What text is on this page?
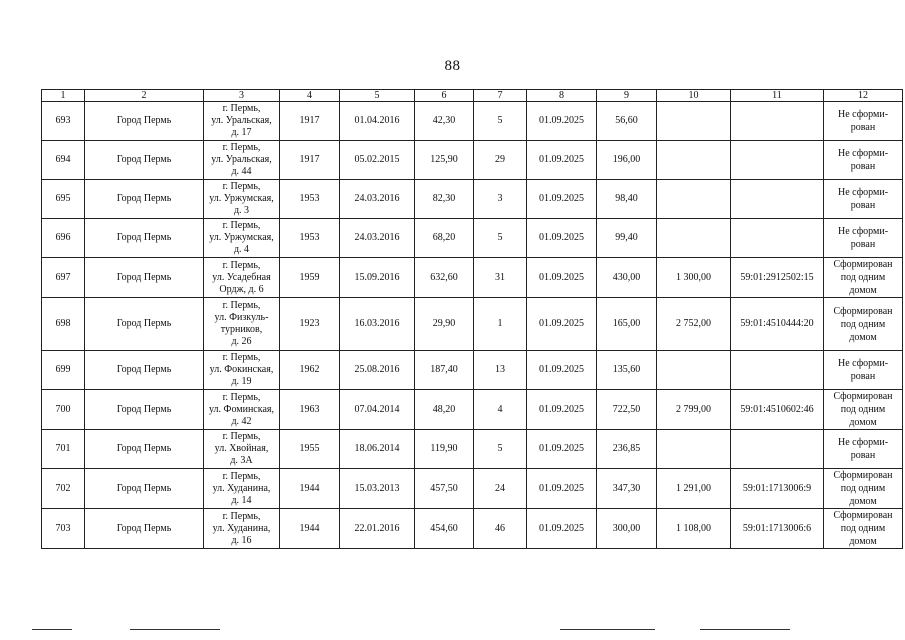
88
1	2	3	4	5	6	7	8	9	10	11	12
693	Город Пермь	г. Пермь,
ул. Уральская,
д. 17	1917	01.04.2016	42,30	5	01.09.2025	56,60			Не сформи-
рован
694	Город Пермь	г. Пермь,
ул. Уральская,
д. 44	1917	05.02.2015	125,90	29	01.09.2025	196,00			Не сформи-
рован
695	Город Пермь	г. Пермь,
ул. Уржумская,
д. 3	1953	24.03.2016	82,30	3	01.09.2025	98,40			Не сформи-
рован
696	Город Пермь	г. Пермь,
ул. Уржумская,
д. 4	1953	24.03.2016	68,20	5	01.09.2025	99,40			Не сформи-
рован
697	Город Пермь	г. Пермь,
ул. Усадебная
Ордж, д. 6	1959	15.09.2016	632,60	31	01.09.2025	430,00	1 300,00	59:01:2912502:15	Сформирован
под одним
домом
698	Город Пермь	г. Пермь,
ул. Физкуль-
турников,
д. 26	1923	16.03.2016	29,90	1	01.09.2025	165,00	2 752,00	59:01:4510444:20	Сформирован
под одним
домом
699	Город Пермь	г. Пермь,
ул. Фокинская,
д. 19	1962	25.08.2016	187,40	13	01.09.2025	135,60			Не сформи-
рован
700	Город Пермь	г. Пермь,
ул. Фоминская,
д. 42	1963	07.04.2014	48,20	4	01.09.2025	722,50	2 799,00	59:01:4510602:46	Сформирован
под одним
домом
701	Город Пермь	г. Пермь,
ул. Хвойная,
д. 3А	1955	18.06.2014	119,90	5	01.09.2025	236,85			Не сформи-
рован
702	Город Пермь	г. Пермь,
ул. Худанина,
д. 14	1944	15.03.2013	457,50	24	01.09.2025	347,30	1 291,00	59:01:1713006:9	Сформирован
под одним
домом
703	Город Пермь	г. Пермь,
ул. Худанина,
д. 16	1944	22.01.2016	454,60	46	01.09.2025	300,00	1 108,00	59:01:1713006:6	Сформирован
под одним
домом
